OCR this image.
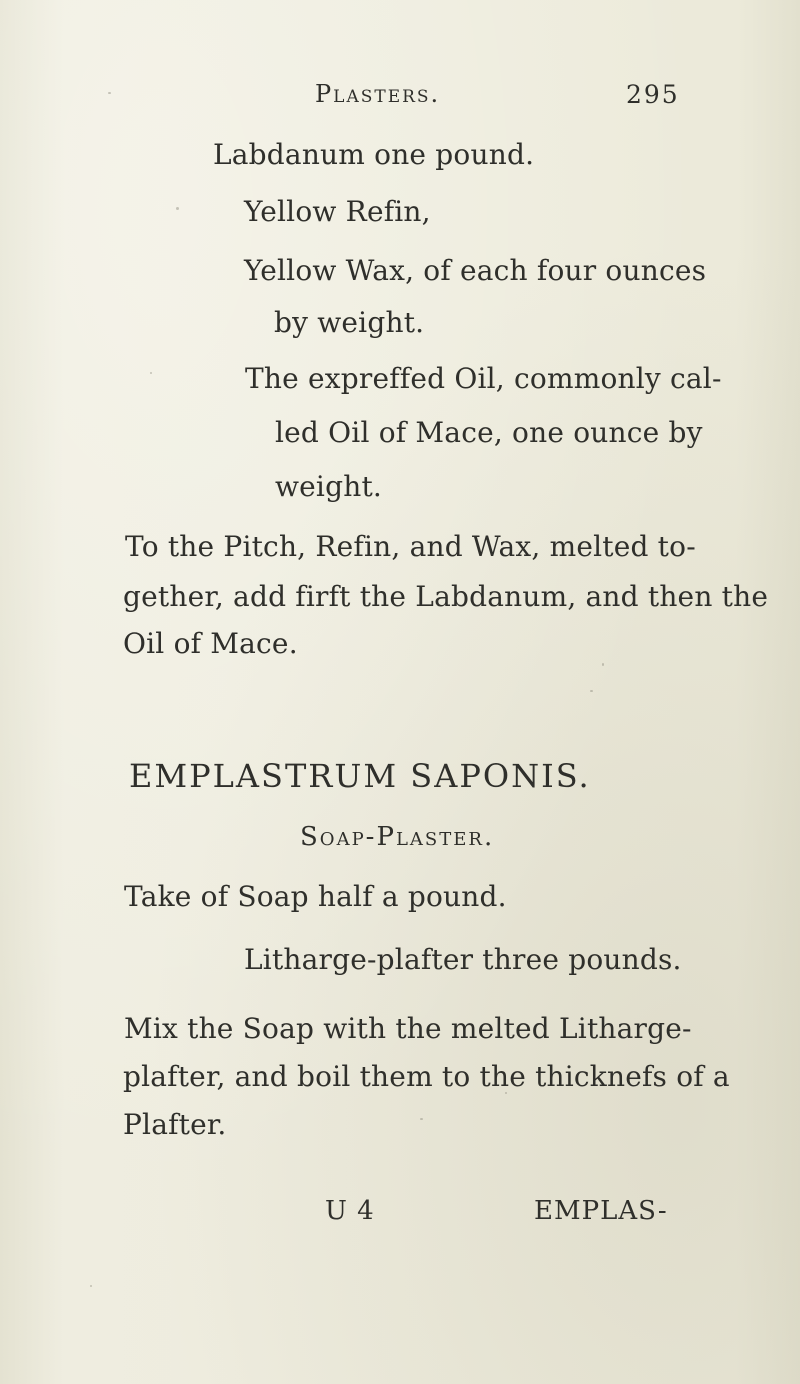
Plasters.	295
Labdanum one pound.
Yellow Refin,
Yellow Wax, of each four ounces
by weight.
The expreffed Oil, commonly cal-
led Oil of Mace, one ounce by
weight.
To the Pitch, Refin, and Wax, melted to-
gether, add firft the Labdanum, and then the
Oil of Mace.
EMPLASTRUM SAPONIS.
Soap-Plaster.
Take of Soap half a pound.
Litharge-plafter three pounds.
Mix the Soap with the melted Litharge-
plafter, and boil them to the thicknefs of a
Plafter.
U 4	EMPLAS-
